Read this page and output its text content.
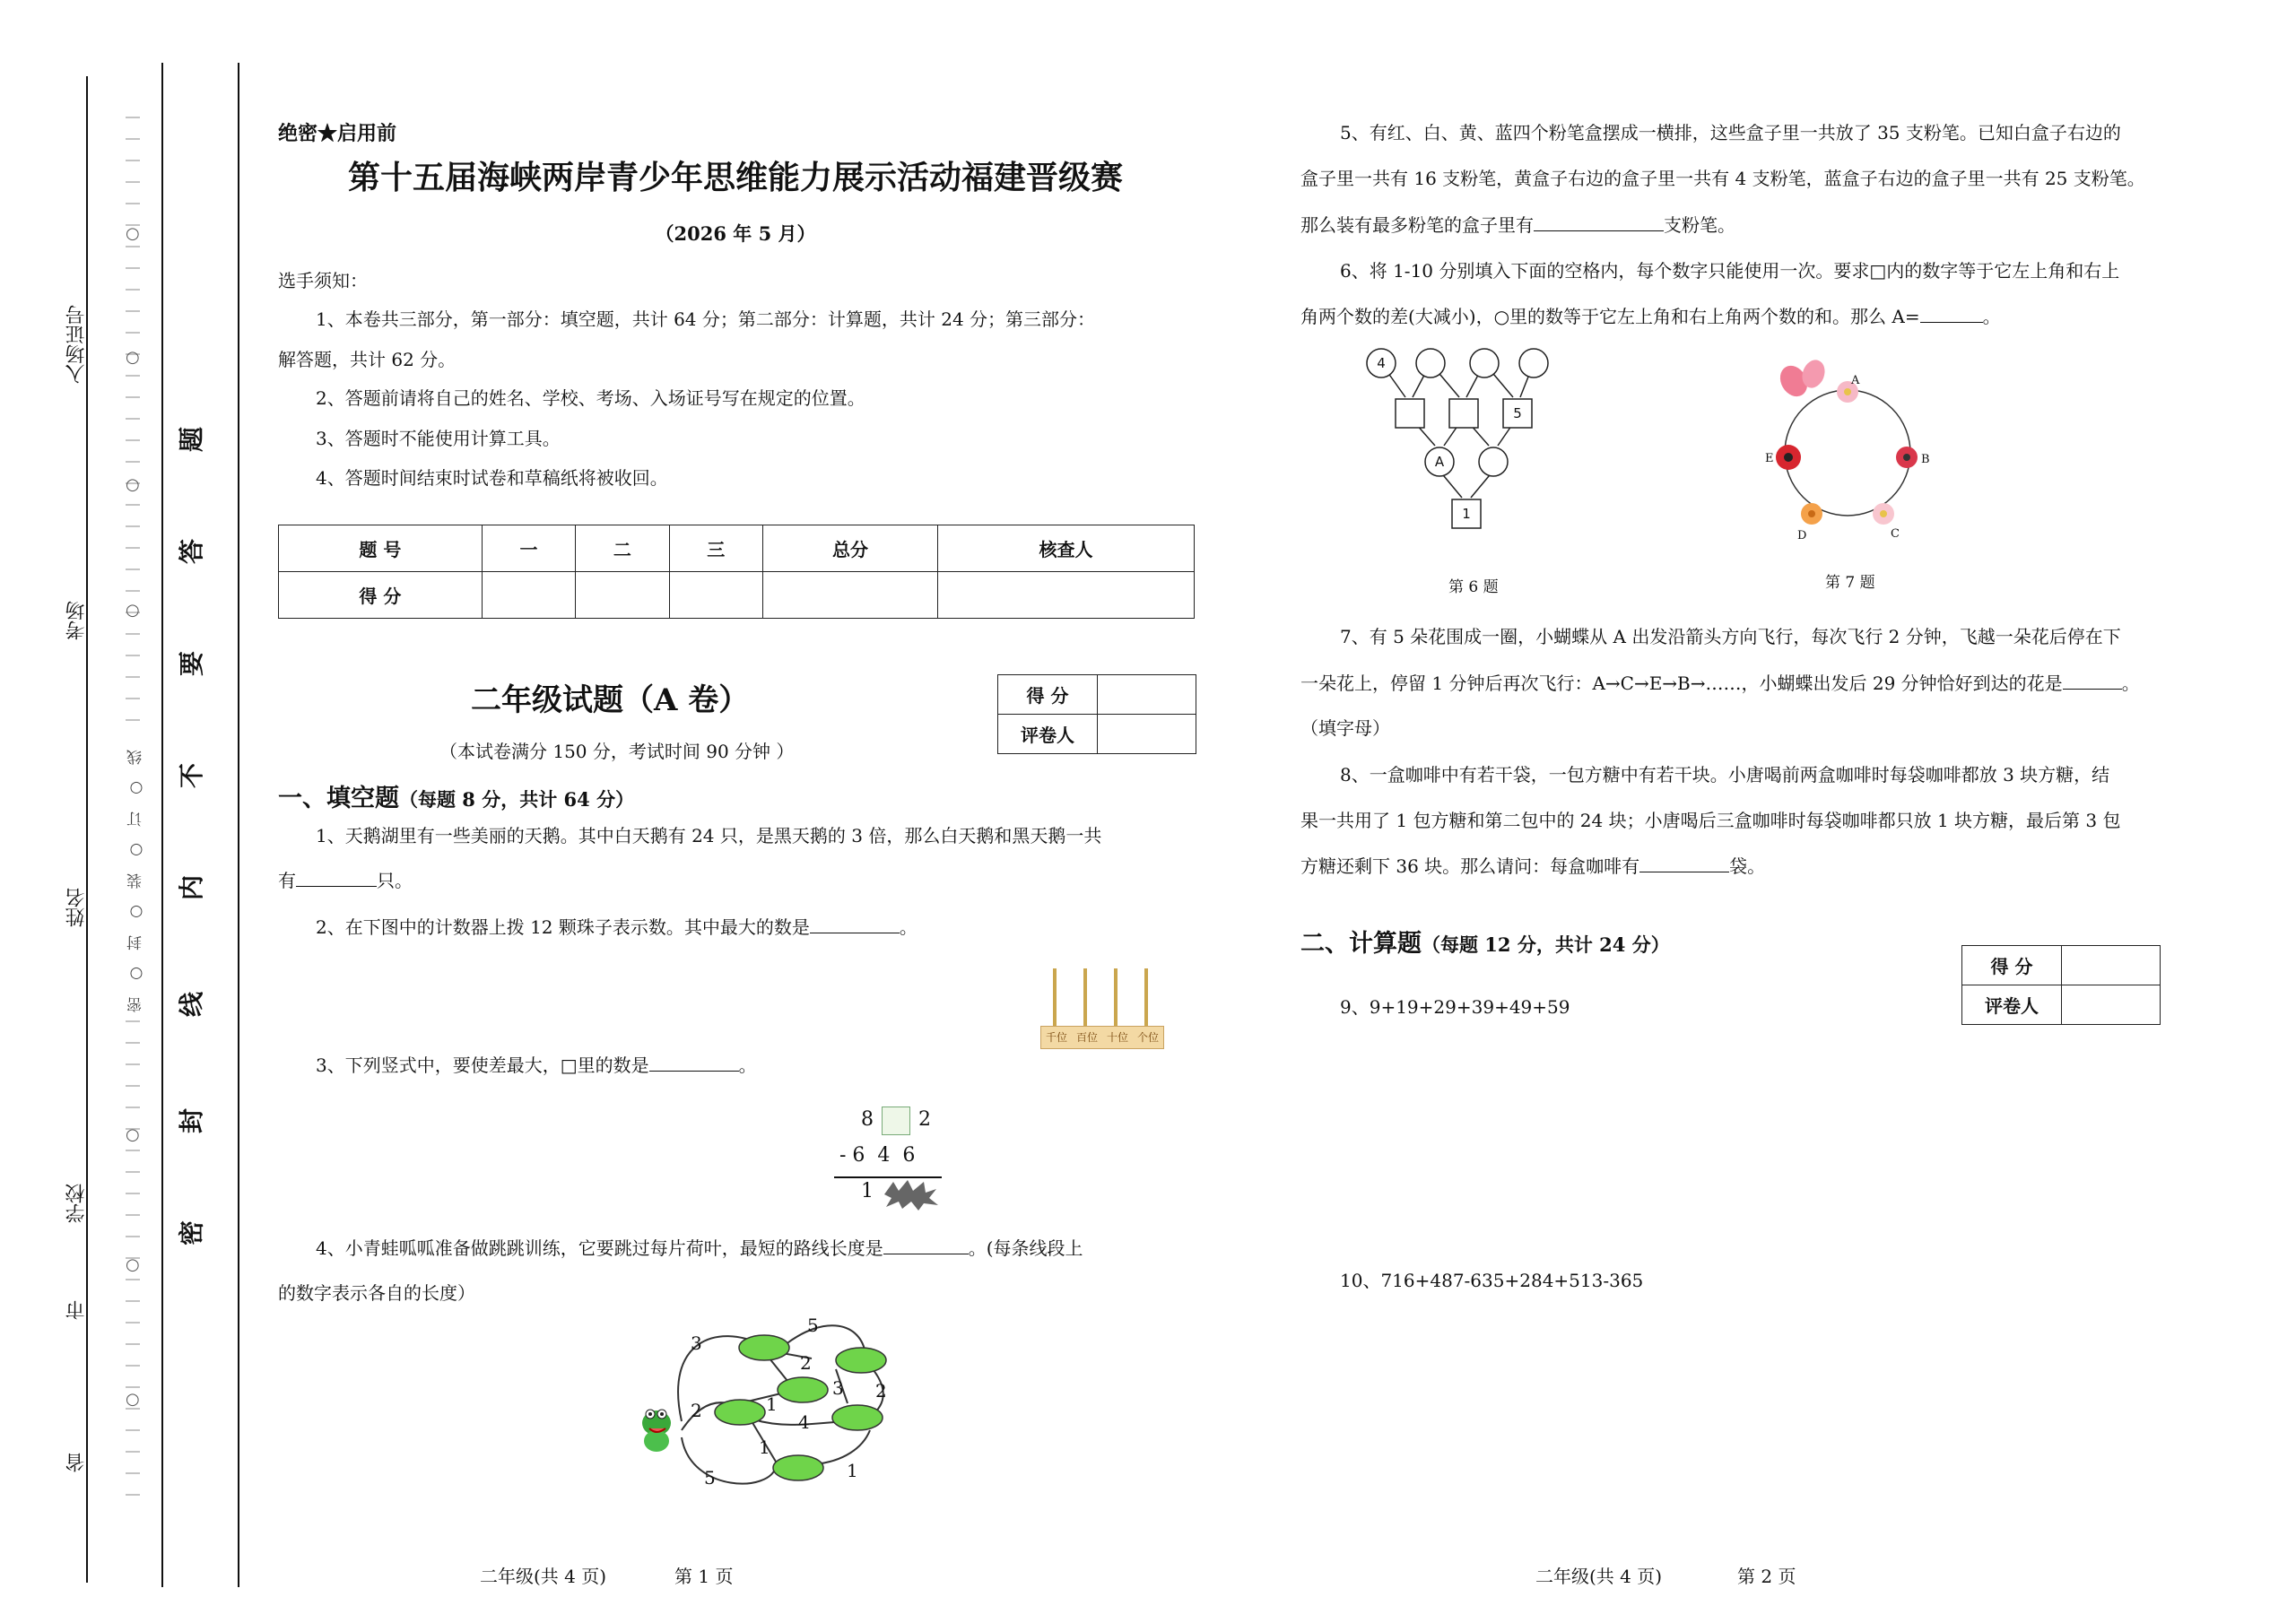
入场证号
考场
姓名
学校
市
省
○
○
○
○
○
○
○
密○封○装○订○线
题
答
要
不
内
线
封
密
绝密★启用前
第十五届海峡两岸青少年思维能力展示活动福建晋级赛
（2026 年 5 月）
选手须知：
1、本卷共三部分，第一部分：填空题，共计 64 分；第二部分：计算题，共计 24 分；第三部分：
解答题，共计 62 分。
2、答题前请将自己的姓名、学校、考场、入场证号写在规定的位置。
3、答题时不能使用计算工具。
4、答题时间结束时试卷和草稿纸将被收回。
题 号	一	二	三	总分	核查人
得 分					
二年级试题（A 卷）
（本试卷满分 150 分，考试时间 90 分钟 ）
得 分	
评卷人	
一、填空题（每题 8 分，共计 64 分）
1、天鹅湖里有一些美丽的天鹅。其中白天鹅有 24 只，是黑天鹅的 3 倍，那么白天鹅和黑天鹅一共
有	只。
2、在下图中的计数器上拨 12 颗珠子表示数。其中最大的数是	。
千位 百位 十位 个位
3、下列竖式中，要使差最大，□里的数是	。
8 2
- 6  4  6
1
4、小青蛙呱呱准备做跳跳训练，它要跳过每片荷叶，最短的路线长度是	。(每条线段上
的数字表示各自的长度）
3
5
2
2
3 2
1
4
1
5	1
二年级(共 4 页)	第 1 页
5、有红、白、黄、蓝四个粉笔盒摆成一横排，这些盒子里一共放了 35 支粉笔。已知白盒子右边的
盒子里一共有 16 支粉笔，黄盒子右边的盒子里一共有 4 支粉笔，蓝盒子右边的盒子里一共有 25 支粉笔。
那么装有最多粉笔的盒子里有	支粉笔。
6、将 1-10 分别填入下面的空格内，每个数字只能使用一次。要求□内的数字等于它左上角和右上
角两个数的差(大减小)，○里的数等于它左上角和右上角两个数的和。那么 A=	。
4
5
A
1
第 6 题
A
B
C
D
E
第 7 题
7、有 5 朵花围成一圈，小蝴蝶从 A 出发沿箭头方向飞行，每次飞行 2 分钟，飞越一朵花后停在下
一朵花上，停留 1 分钟后再次飞行：A→C→E→B→……，小蝴蝶出发后 29 分钟恰好到达的花是	。
（填字母）
8、一盒咖啡中有若干袋，一包方糖中有若干块。小唐喝前两盒咖啡时每袋咖啡都放 3 块方糖，结
果一共用了 1 包方糖和第二包中的 24 块；小唐喝后三盒咖啡时每袋咖啡都只放 1 块方糖，最后第 3 包
方糖还剩下 36 块。那么请问：每盒咖啡有	袋。
二、计算题（每题 12 分，共计 24 分）
得 分	
评卷人	
9、9+19+29+39+49+59
10、716+487-635+284+513-365
二年级(共 4 页)	第 2 页
